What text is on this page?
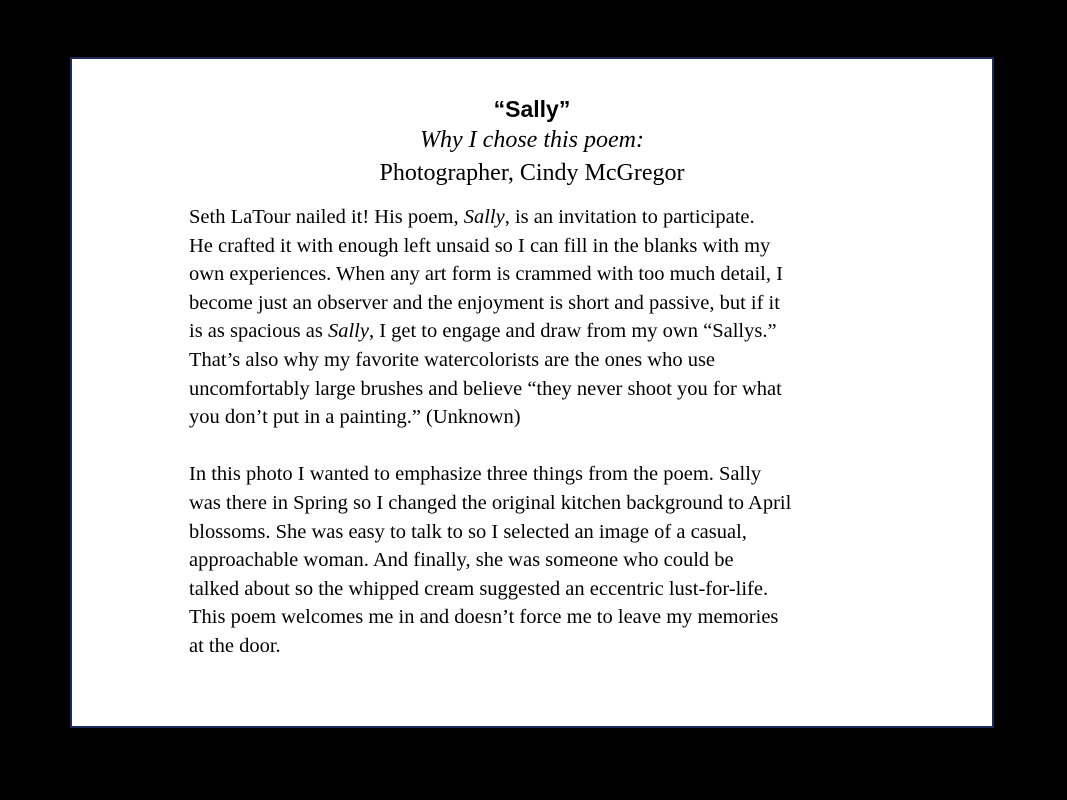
“Sally”
Why I chose this poem:
Photographer, Cindy McGregor
Seth LaTour nailed it! His poem, Sally, is an invitation to participate.
He crafted it with enough left unsaid so I can fill in the blanks with my
own experiences. When any art form is crammed with too much detail, I
become just an observer and the enjoyment is short and passive, but if it
is as spacious as Sally, I get to engage and draw from my own “Sallys.”
That’s also why my favorite watercolorists are the ones who use
uncomfortably large brushes and believe “they never shoot you for what
you don’t put in a painting.” (Unknown)
In this photo I wanted to emphasize three things from the poem. Sally
was there in Spring so I changed the original kitchen background to April
blossoms. She was easy to talk to so I selected an image of a casual,
approachable woman. And finally, she was someone who could be
talked about so the whipped cream suggested an eccentric lust-for-life.
This poem welcomes me in and doesn’t force me to leave my memories
at the door.
